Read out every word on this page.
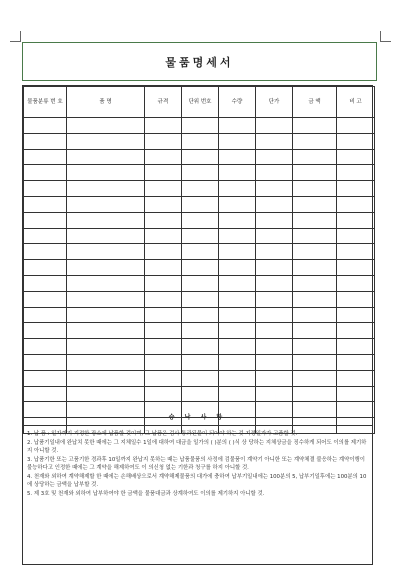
물품명세서
물품분류 번 호	품 명	규격	단위 번호	수량	단가	금 액	비 고

승 낙 사 항
1. 납 품 : 일자까지 지정한 장소에 납품할 것이며, 그 납품은 검사 통과된물이 되어야 하는 것 지정일자가 고품할 것.
2. 납품기일내에 완납치 못한 때에는 그 지체일수 1일에 대하여 대금을 일가의 ( )분의 ( )식 상 당하는 지체상금을 징수하게 되어도 이의를 제기하지 아니할 것.
3. 납품기한 또는 고품기한 경과후 10일까지 완납지 못하는 때는 납품물품의 사정에 검물품이 계약기 아니한 또는 계약체결 불응하는 계약이행이 불능하다고 인정한 때에는 그 계약을 해제하여도 이 의신청 없는 기한과 청구를 하지 아니할 것.
4. 천재와 외하여 계약해제할 한 때에는 손해배상으로서 계약해제물품의 대가에 충하여 납부기일내에는 100분의 5, 납부기일후에는 100분의 10에 상당하는 금액을 납부할 것.
5. 제 3호 및 천재와 외하여 납부하여야 한 금액을 물품대금과 상계하여도 이의를 제기하지 아니할 것.
